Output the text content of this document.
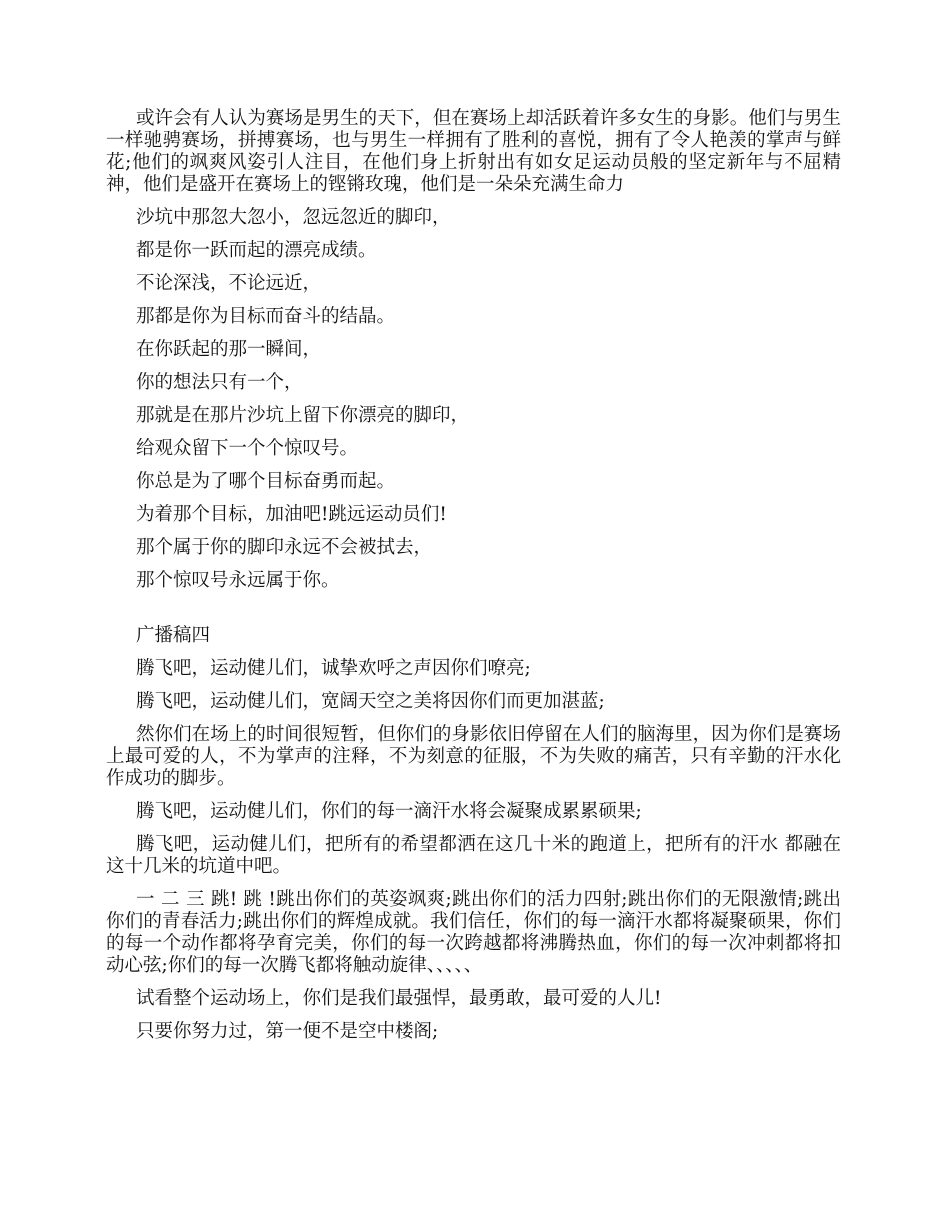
或许会有人认为赛场是男生的天下，但在赛场上却活跃着许多女生的身影。他们与男生一样驰骋赛场，拼搏赛场，也与男生一样拥有了胜利的喜悦，拥有了令人艳羡的掌声与鲜花;他们的飒爽风姿引人注目，在他们身上折射出有如女足运动员般的坚定新年与不屈精神，他们是盛开在赛场上的铿锵玫瑰，他们是一朵朵充满生命力

沙坑中那忽大忽小，忽远忽近的脚印，

都是你一跃而起的漂亮成绩。

不论深浅，不论远近，

那都是你为目标而奋斗的结晶。

在你跃起的那一瞬间，

你的想法只有一个，

那就是在那片沙坑上留下你漂亮的脚印，

给观众留下一个个惊叹号。

你总是为了哪个目标奋勇而起。

为着那个目标，加油吧!跳远运动员们!

那个属于你的脚印永远不会被拭去，

那个惊叹号永远属于你。

广播稿四

腾飞吧，运动健儿们，诚挚欢呼之声因你们嘹亮;

腾飞吧，运动健儿们，宽阔天空之美将因你们而更加湛蓝;

然你们在场上的时间很短暂，但你们的身影依旧停留在人们的脑海里，因为你们是赛场上最可爱的人，不为掌声的注释，不为刻意的征服，不为失败的痛苦，只有辛勤的汗水化作成功的脚步。

腾飞吧，运动健儿们，你们的每一滴汗水将会凝聚成累累硕果;

腾飞吧，运动健儿们，把所有的希望都洒在这几十米的跑道上，把所有的汗水 都融在这十几米的坑道中吧。

一 二 三 跳! 跳 !跳出你们的英姿飒爽;跳出你们的活力四射;跳出你们的无限激情;跳出你们的青春活力;跳出你们的辉煌成就。我们信任，你们的每一滴汗水都将凝聚硕果，你们的每一个动作都将孕育完美，你们的每一次跨越都将沸腾热血，你们的每一次冲刺都将扣动心弦;你们的每一次腾飞都将触动旋律、、、、、

试看整个运动场上，你们是我们最强悍，最勇敢，最可爱的人儿!

只要你努力过，第一便不是空中楼阁;
